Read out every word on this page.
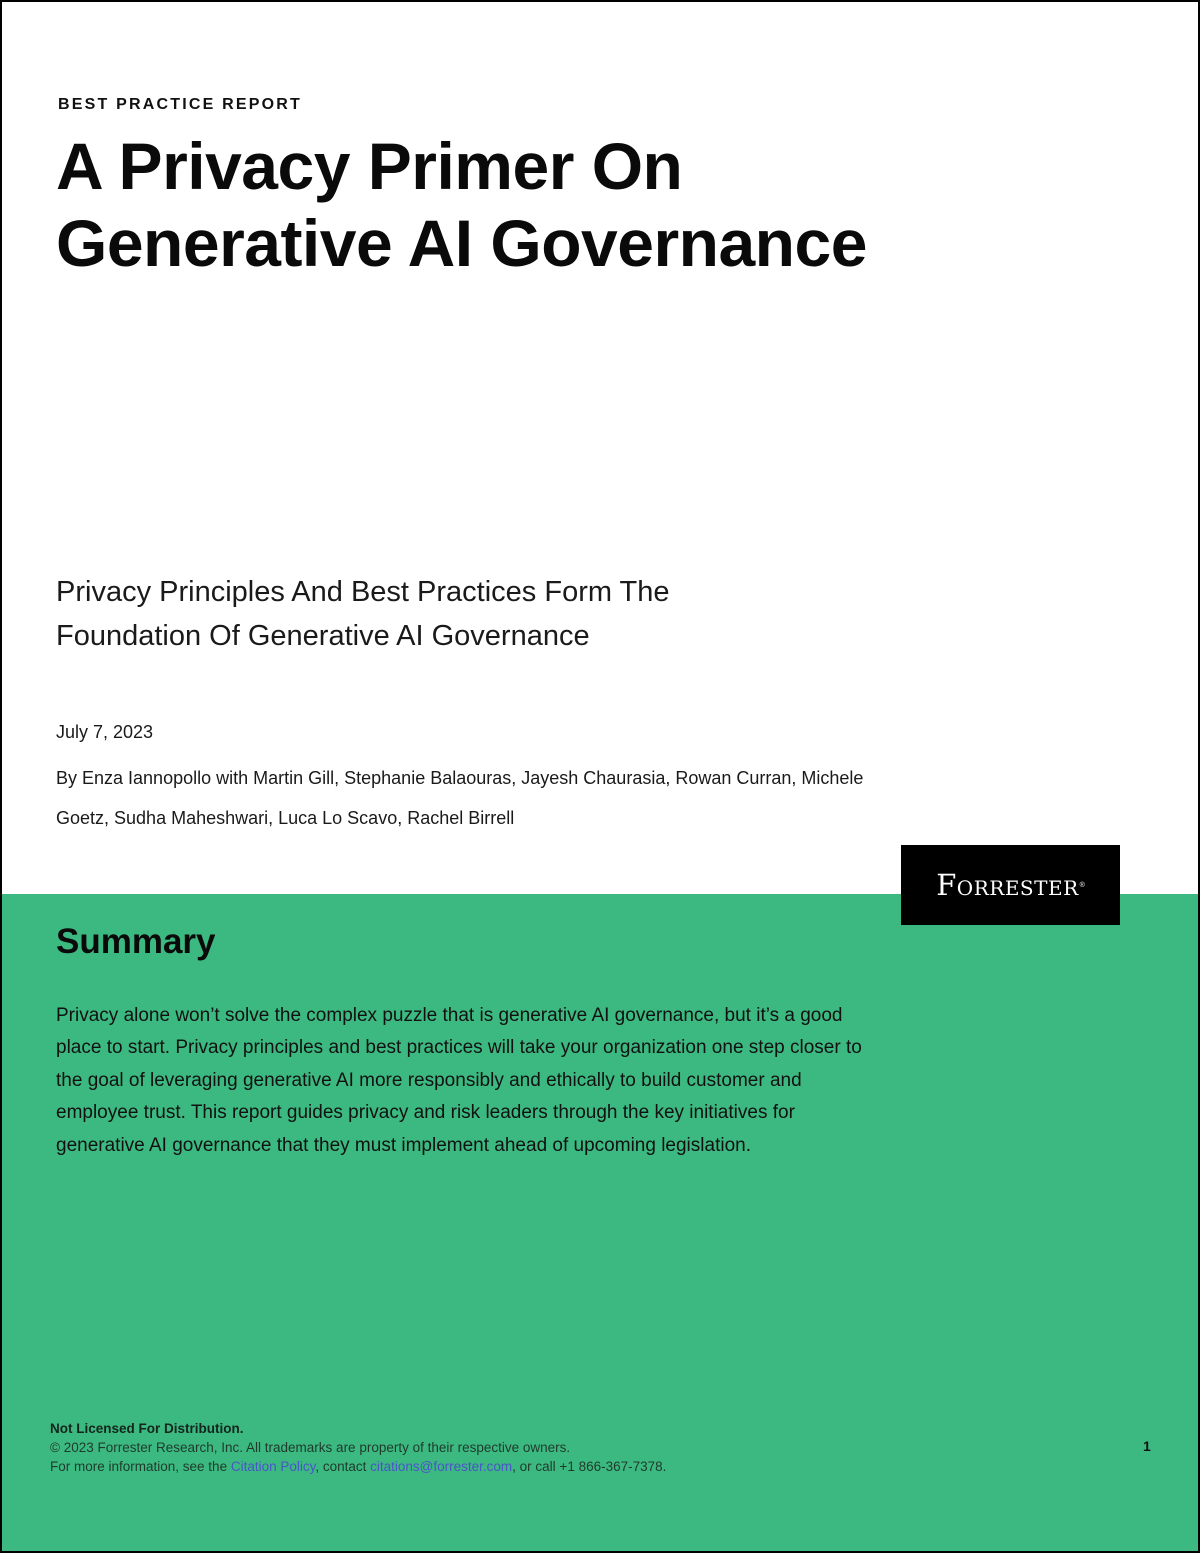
BEST PRACTICE REPORT
A Privacy Primer On Generative AI Governance
Privacy Principles And Best Practices Form The Foundation Of Generative AI Governance
July 7, 2023
By Enza Iannopollo with Martin Gill, Stephanie Balaouras, Jayesh Chaurasia, Rowan Curran, Michele Goetz, Sudha Maheshwari, Luca Lo Scavo, Rachel Birrell
Forrester ®
Summary

Privacy alone won’t solve the complex puzzle that is generative AI governance, but it’s a good place to start. Privacy principles and best practices will take your organization one step closer to the goal of leveraging generative AI more responsibly and ethically to build customer and employee trust. This report guides privacy and risk leaders through the key initiatives for generative AI governance that they must implement ahead of upcoming legislation.

Not Licensed For Distribution.
© 2023 Forrester Research, Inc. All trademarks are property of their respective owners.
For more information, see the Citation Policy, contact citations@forrester.com, or call +1 866-367-7378.
1
